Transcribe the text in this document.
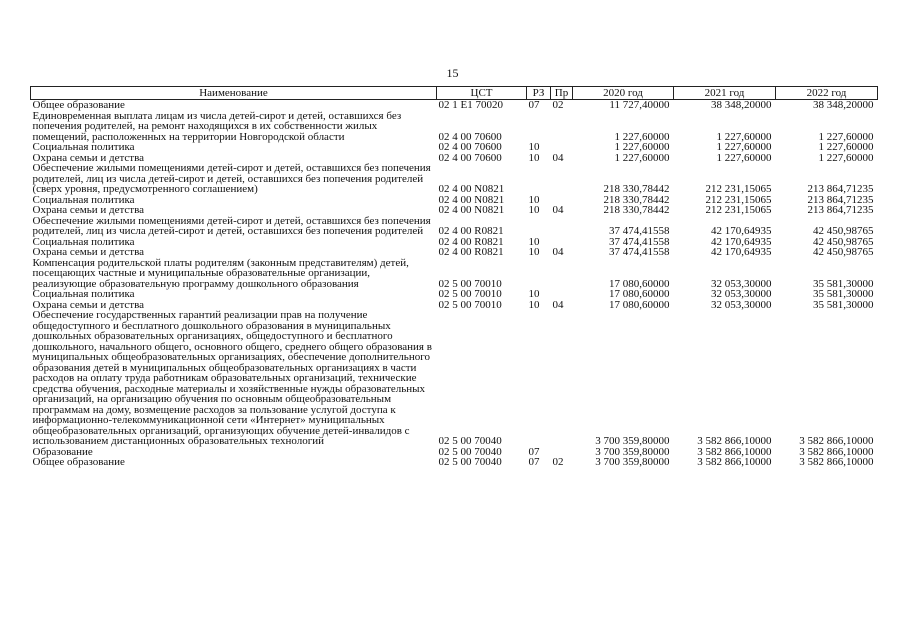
15
Наименование	ЦСТ	РЗ	Пр	2020 год	2021 год	2022 год
Общее образование	02 1 E1 70020	07	02	11 727,40000	38 348,20000	38 348,20000
Единовременная выплата лицам из числа детей-сирот и детей, оставшихся без попечения родителей, на ремонт находящихся в их собственности жилых помещений, расположенных на территории Новгородской области	02 4 00 70600			1 227,60000	1 227,60000	1 227,60000
Социальная политика	02 4 00 70600	10		1 227,60000	1 227,60000	1 227,60000
Охрана семьи и детства	02 4 00 70600	10	04	1 227,60000	1 227,60000	1 227,60000
Обеспечение жилыми помещениями детей-сирот и детей, оставшихся без попечения родителей, лиц из числа детей-сирот и детей, оставшихся без попечения родителей (сверх уровня, предусмотренного соглашением)	02 4 00 N0821			218 330,78442	212 231,15065	213 864,71235
Социальная политика	02 4 00 N0821	10		218 330,78442	212 231,15065	213 864,71235
Охрана семьи и детства	02 4 00 N0821	10	04	218 330,78442	212 231,15065	213 864,71235
Обеспечение жилыми помещениями детей-сирот и детей, оставшихся без попечения родителей, лиц из числа детей-сирот и детей, оставшихся без попечения родителей	02 4 00 R0821			37 474,41558	42 170,64935	42 450,98765
Социальная политика	02 4 00 R0821	10		37 474,41558	42 170,64935	42 450,98765
Охрана семьи и детства	02 4 00 R0821	10	04	37 474,41558	42 170,64935	42 450,98765
Компенсация родительской платы родителям (законным представителям) детей, посещающих частные и муниципальные образовательные организации, реализующие образовательную программу дошкольного образования	02 5 00 70010			17 080,60000	32 053,30000	35 581,30000
Социальная политика	02 5 00 70010	10		17 080,60000	32 053,30000	35 581,30000
Охрана семьи и детства	02 5 00 70010	10	04	17 080,60000	32 053,30000	35 581,30000
Обеспечение государственных гарантий реализации прав на получение общедоступного и бесплатного дошкольного образования в муниципальных дошкольных образовательных организациях, общедоступного и бесплатного дошкольного, начального общего, основного общего, среднего общего образования в муниципальных общеобразовательных организациях, обеспечение дополнительного образования детей в муниципальных общеобразовательных организациях в части расходов на оплату труда работникам образовательных организаций, технические средства обучения, расходные материалы и хозяйственные нужды образовательных организаций, на организацию обучения по основным общеобразовательным программам на дому, возмещение расходов за пользование услугой доступа к информационно-телекоммуникационной сети «Интернет» муниципальных общеобразовательных организаций, организующих обучение детей-инвалидов с использованием дистанционных образовательных технологий	02 5 00 70040			3 700 359,80000	3 582 866,10000	3 582 866,10000
Образование	02 5 00 70040	07		3 700 359,80000	3 582 866,10000	3 582 866,10000
Общее образование	02 5 00 70040	07	02	3 700 359,80000	3 582 866,10000	3 582 866,10000
